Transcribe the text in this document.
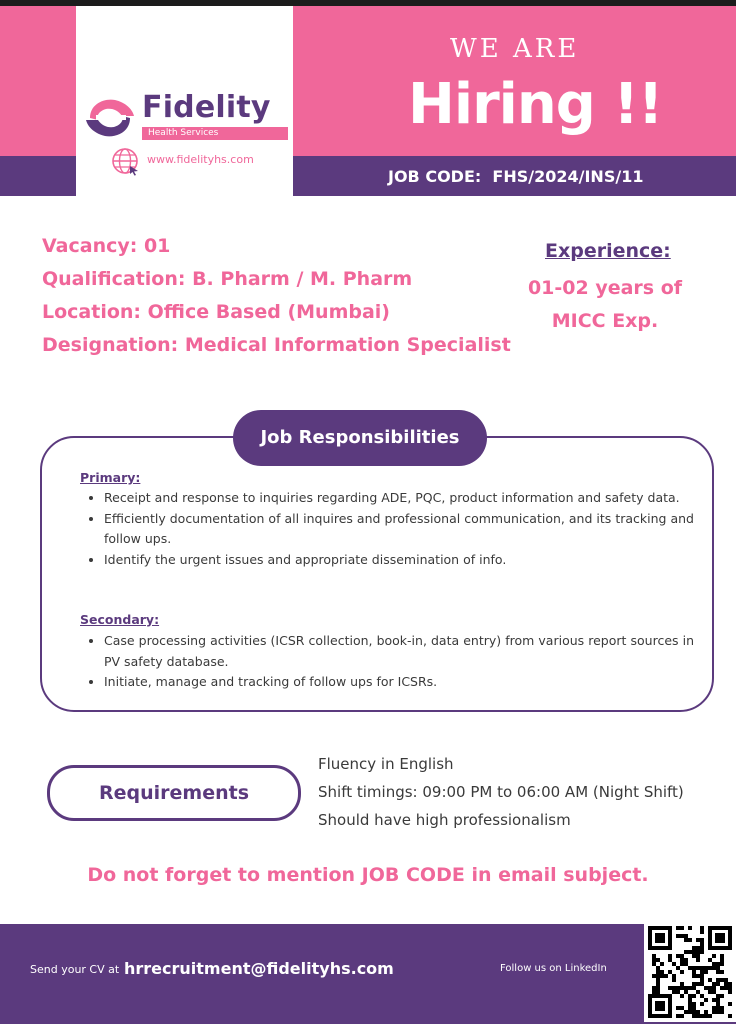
Fidelity
Health Services
www.fidelityhs.com
WE ARE
Hiring !!
JOB CODE:  FHS/2024/INS/11
Vacancy: 01
Qualification: B. Pharm / M. Pharm
Location: Office Based (Mumbai)
Designation: Medical Information Specialist
Experience:
01-02 years of
MICC Exp.
Job Responsibilities
Primary:
• Receipt and response to inquiries regarding ADE, PQC, product information and safety data.
• Efficiently documentation of all inquires and professional communication, and its tracking and follow ups.
• Identify the urgent issues and appropriate dissemination of info.
Secondary:
• Case processing activities (ICSR collection, book-in, data entry) from various report sources in PV safety database.
• Initiate, manage and tracking of follow ups for ICSRs.
Requirements
Fluency in English
Shift timings: 09:00 PM to 06:00 AM (Night Shift)
Should have high professionalism
Do not forget to mention JOB CODE in email subject.
Send your CV at hrrecruitment@fidelityhs.com	Follow us on LinkedIn
